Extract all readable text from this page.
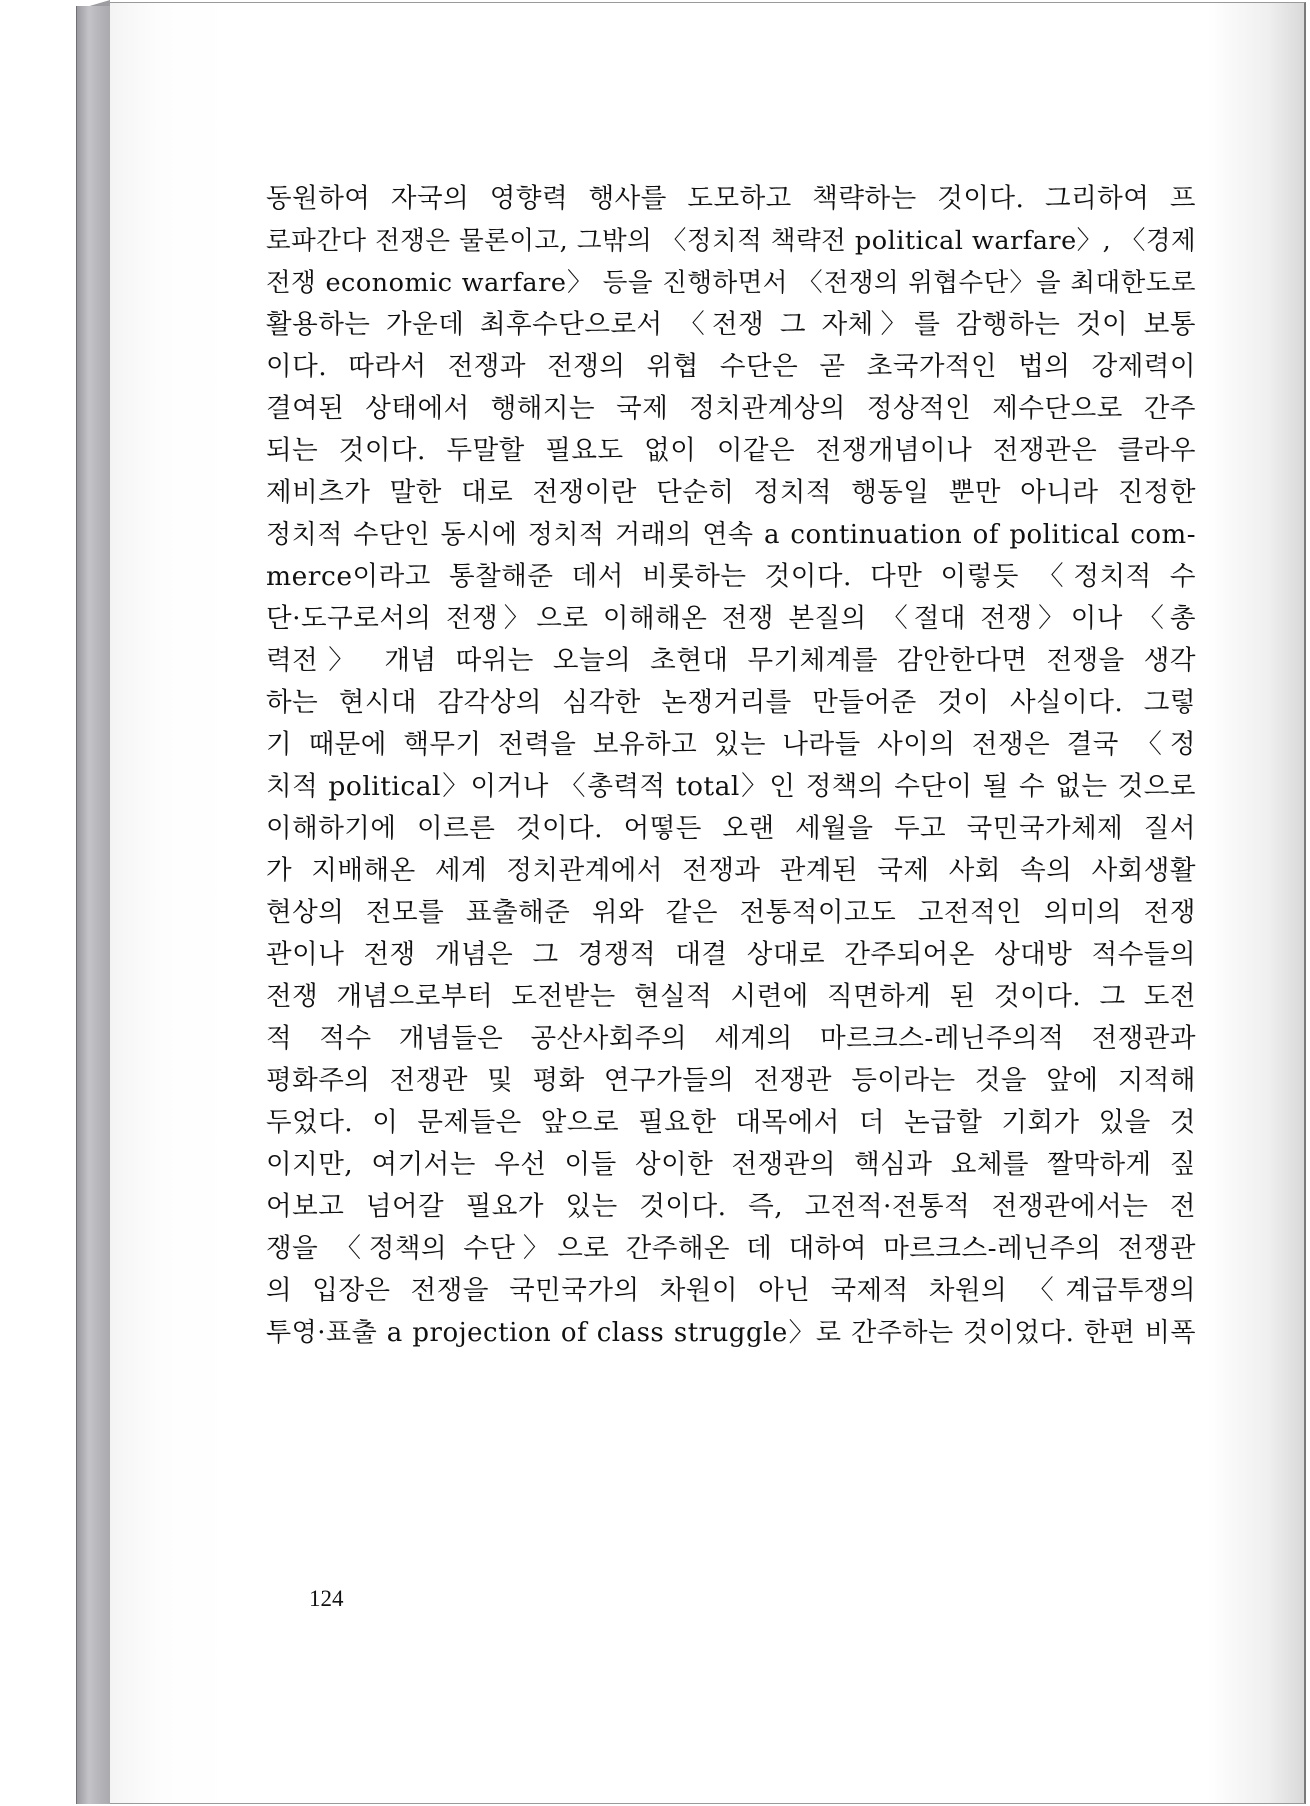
동원하여 자국의 영향력 행사를 도모하고 책략하는 것이다. 그리하여 프
로파간다 전쟁은 물론이고, 그밖의 〈정치적 책략전 political warfare〉, 〈경제
전쟁 economic warfare〉 등을 진행하면서 〈전쟁의 위협수단〉을 최대한도로
활용하는 가운데 최후수단으로서 〈전쟁 그 자체〉를 감행하는 것이 보통
이다. 따라서 전쟁과 전쟁의 위협 수단은 곧 초국가적인 법의 강제력이
결여된 상태에서 행해지는 국제 정치관계상의 정상적인 제수단으로 간주
되는 것이다. 두말할 필요도 없이 이같은 전쟁개념이나 전쟁관은 클라우
제비츠가 말한 대로 전쟁이란 단순히 정치적 행동일 뿐만 아니라 진정한
정치적 수단인 동시에 정치적 거래의 연속 a continuation of political com-
merce이라고 통찰해준 데서 비롯하는 것이다. 다만 이렇듯 〈정치적 수
단·도구로서의 전쟁〉으로 이해해온 전쟁 본질의 〈절대 전쟁〉이나 〈총
력전〉 개념 따위는 오늘의 초현대 무기체계를 감안한다면 전쟁을 생각
하는 현시대 감각상의 심각한 논쟁거리를 만들어준 것이 사실이다. 그렇
기 때문에 핵무기 전력을 보유하고 있는 나라들 사이의 전쟁은 결국 〈정
치적 political〉이거나 〈총력적 total〉인 정책의 수단이 될 수 없는 것으로
이해하기에 이르른 것이다. 어떻든 오랜 세월을 두고 국민국가체제 질서
가 지배해온 세계 정치관계에서 전쟁과 관계된 국제 사회 속의 사회생활
현상의 전모를 표출해준 위와 같은 전통적이고도 고전적인 의미의 전쟁
관이나 전쟁 개념은 그 경쟁적 대결 상대로 간주되어온 상대방 적수들의
전쟁 개념으로부터 도전받는 현실적 시련에 직면하게 된 것이다. 그 도전
적 적수 개념들은 공산사회주의 세계의 마르크스-레닌주의적 전쟁관과
평화주의 전쟁관 및 평화 연구가들의 전쟁관 등이라는 것을 앞에 지적해
두었다. 이 문제들은 앞으로 필요한 대목에서 더 논급할 기회가 있을 것
이지만, 여기서는 우선 이들 상이한 전쟁관의 핵심과 요체를 짤막하게 짚
어보고 넘어갈 필요가 있는 것이다. 즉, 고전적·전통적 전쟁관에서는 전
쟁을 〈정책의 수단〉으로 간주해온 데 대하여 마르크스-레닌주의 전쟁관
의 입장은 전쟁을 국민국가의 차원이 아닌 국제적 차원의 〈계급투쟁의
투영·표출 a projection of class struggle〉로 간주하는 것이었다. 한편 비폭

124
